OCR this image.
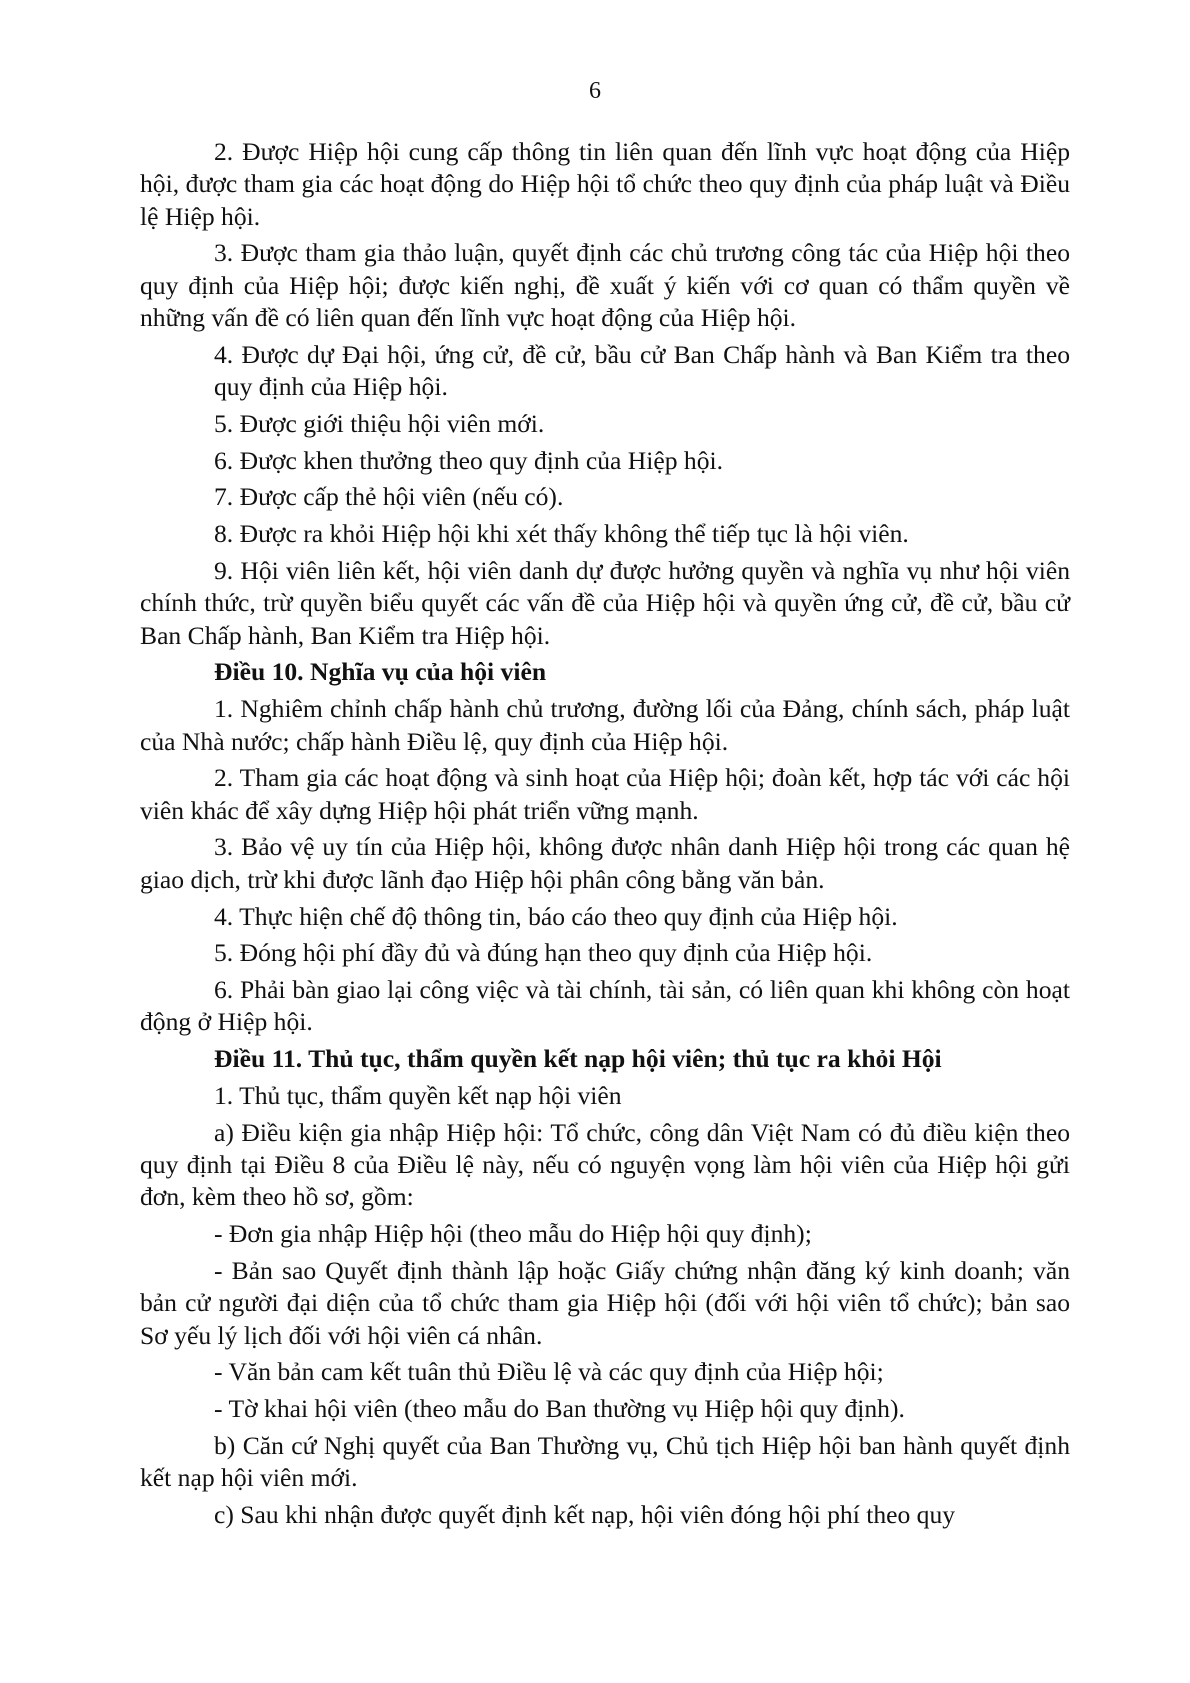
6

2. Được Hiệp hội cung cấp thông tin liên quan đến lĩnh vực hoạt động của Hiệp hội, được tham gia các hoạt động do Hiệp hội tổ chức theo quy định của pháp luật và Điều lệ Hiệp hội.

3. Được tham gia thảo luận, quyết định các chủ trương công tác của Hiệp hội theo quy định của Hiệp hội; được kiến nghị, đề xuất ý kiến với cơ quan có thẩm quyền về những vấn đề có liên quan đến lĩnh vực hoạt động của Hiệp hội.

4. Được dự Đại hội, ứng cử, đề cử, bầu cử Ban Chấp hành và Ban Kiểm tra theo quy định của Hiệp hội.

5. Được giới thiệu hội viên mới.

6. Được khen thưởng theo quy định của Hiệp hội.

7. Được cấp thẻ hội viên (nếu có).

8. Được ra khỏi Hiệp hội khi xét thấy không thể tiếp tục là hội viên.

9. Hội viên liên kết, hội viên danh dự được hưởng quyền và nghĩa vụ như hội viên chính thức, trừ quyền biểu quyết các vấn đề của Hiệp hội và quyền ứng cử, đề cử, bầu cử Ban Chấp hành, Ban Kiểm tra Hiệp hội.

Điều 10. Nghĩa vụ của hội viên

1. Nghiêm chỉnh chấp hành chủ trương, đường lối của Đảng, chính sách, pháp luật của Nhà nước; chấp hành Điều lệ, quy định của Hiệp hội.

2. Tham gia các hoạt động và sinh hoạt của Hiệp hội; đoàn kết, hợp tác với các hội viên khác để xây dựng Hiệp hội phát triển vững mạnh.

3. Bảo vệ uy tín của Hiệp hội, không được nhân danh Hiệp hội trong các quan hệ giao dịch, trừ khi được lãnh đạo Hiệp hội phân công bằng văn bản.

4. Thực hiện chế độ thông tin, báo cáo theo quy định của Hiệp hội.

5. Đóng hội phí đầy đủ và đúng hạn theo quy định của Hiệp hội.

6. Phải bàn giao lại công việc và tài chính, tài sản, có liên quan khi không còn hoạt động ở Hiệp hội.

Điều 11. Thủ tục, thẩm quyền kết nạp hội viên; thủ tục ra khỏi Hội

1. Thủ tục, thẩm quyền kết nạp hội viên

a) Điều kiện gia nhập Hiệp hội: Tổ chức, công dân Việt Nam có đủ điều kiện theo quy định tại Điều 8 của Điều lệ này, nếu có nguyện vọng làm hội viên của Hiệp hội gửi đơn, kèm theo hồ sơ, gồm:

- Đơn gia nhập Hiệp hội (theo mẫu do Hiệp hội quy định);

- Bản sao Quyết định thành lập hoặc Giấy chứng nhận đăng ký kinh doanh; văn bản cử người đại diện của tổ chức tham gia Hiệp hội (đối với hội viên tổ chức); bản sao Sơ yếu lý lịch đối với hội viên cá nhân.

- Văn bản cam kết tuân thủ Điều lệ và các quy định của Hiệp hội;

- Tờ khai hội viên (theo mẫu do Ban thường vụ Hiệp hội quy định).

b) Căn cứ Nghị quyết của Ban Thường vụ, Chủ tịch Hiệp hội ban hành quyết định kết nạp hội viên mới.

c) Sau khi nhận được quyết định kết nạp, hội viên đóng hội phí theo quy
